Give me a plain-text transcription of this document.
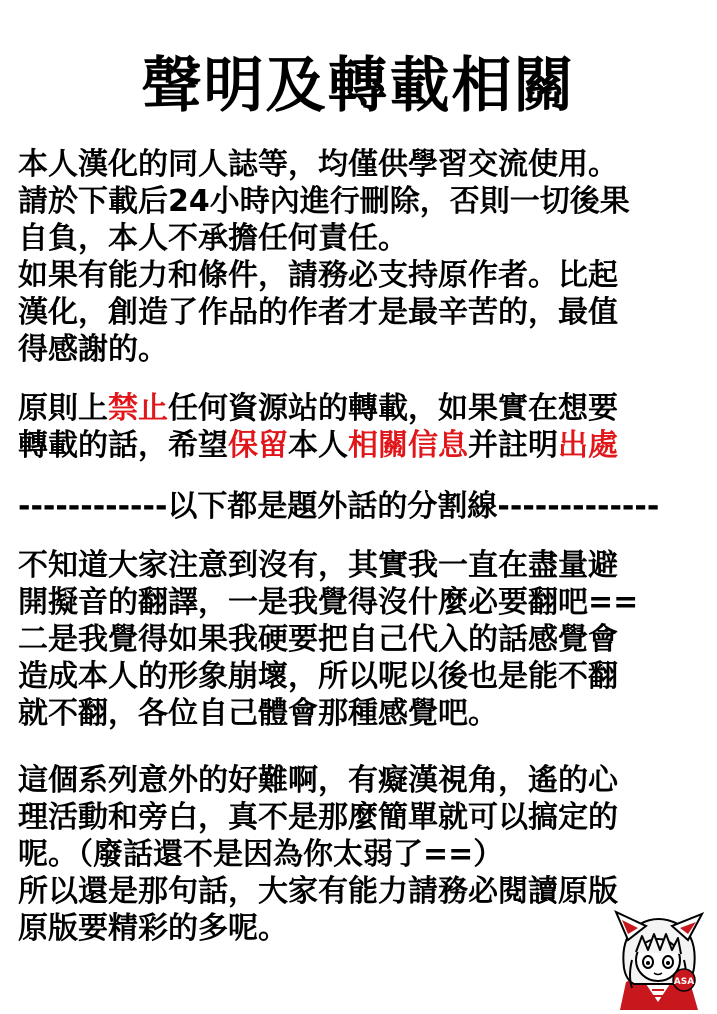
聲明及轉載相關

本人漢化的同人誌等，均僅供學習交流使用。
請於下載后24小時內進行刪除，否則一切後果
自負，本人不承擔任何責任。
如果有能力和條件，請務必支持原作者。比起
漢化，創造了作品的作者才是最辛苦的，最值
得感謝的。

原則上禁止任何資源站的轉載，如果實在想要
轉載的話，希望保留本人相關信息并註明出處

------------以下都是題外話的分割線-------------

不知道大家注意到沒有，其實我一直在盡量避
開擬音的翻譯，一是我覺得沒什麼必要翻吧==
二是我覺得如果我硬要把自己代入的話感覺會
造成本人的形象崩壞，所以呢以後也是能不翻
就不翻，各位自己體會那種感覺吧。

這個系列意外的好難啊，有癡漢視角，遙的心
理活動和旁白，真不是那麼簡單就可以搞定的
呢。（廢話還不是因為你太弱了==）
所以還是那句話，大家有能力請務必閱讀原版
原版要精彩的多呢。

ASA
